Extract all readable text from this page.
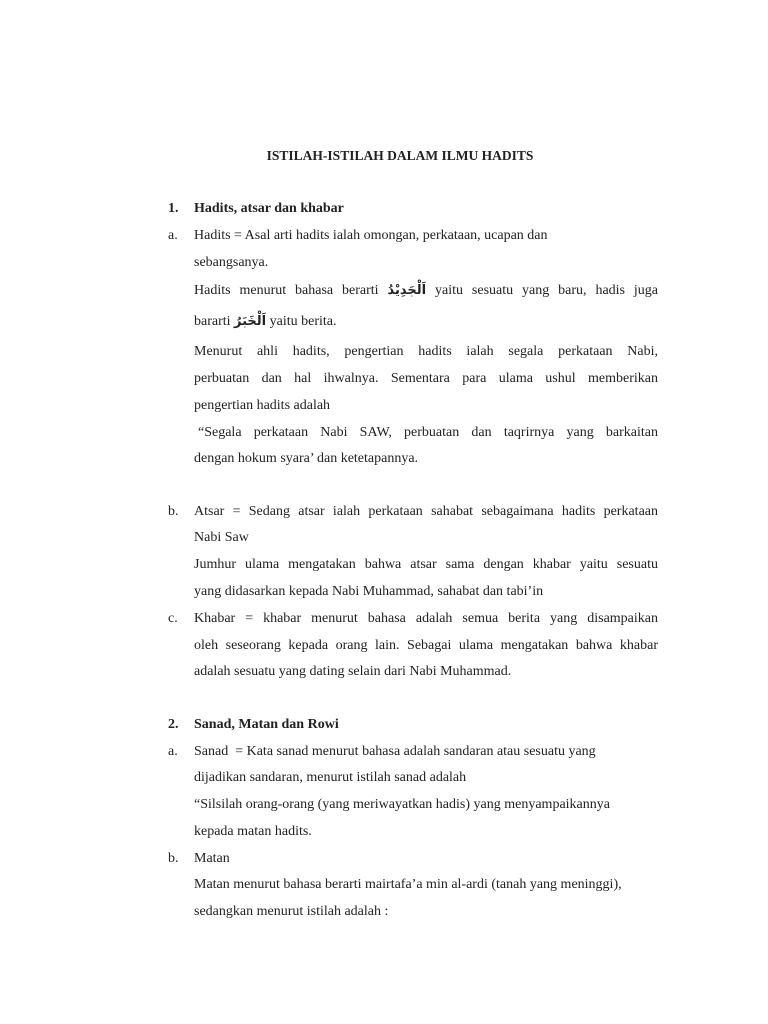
ISTILAH-ISTILAH DALAM ILMU HADITS
1. Hadits, atsar dan khabar
a. Hadits = Asal arti hadits ialah omongan, perkataan, ucapan dan
sebangsanya.
Hadits menurut bahasa berarti اَلْجَدِيْدُ yaitu sesuatu yang baru, hadis juga
bararti اَلْخَبَرُ yaitu berita.
Menurut ahli hadits, pengertian hadits ialah segala perkataan Nabi,
perbuatan dan hal ihwalnya. Sementara para ulama ushul memberikan
pengertian hadits adalah
“Segala perkataan Nabi SAW, perbuatan dan taqrirnya yang barkaitan
dengan hokum syara’ dan ketetapannya.
b. Atsar = Sedang atsar ialah perkataan sahabat sebagaimana hadits perkataan
Nabi Saw
Jumhur ulama mengatakan bahwa atsar sama dengan khabar yaitu sesuatu
yang didasarkan kepada Nabi Muhammad, sahabat dan tabi’in
c. Khabar = khabar menurut bahasa adalah semua berita yang disampaikan
oleh seseorang kepada orang lain. Sebagai ulama mengatakan bahwa khabar
adalah sesuatu yang dating selain dari Nabi Muhammad.
2. Sanad, Matan dan Rowi
a. Sanad  = Kata sanad menurut bahasa adalah sandaran atau sesuatu yang
dijadikan sandaran, menurut istilah sanad adalah
“Silsilah orang-orang (yang meriwayatkan hadis) yang menyampaikannya
kepada matan hadits.
b. Matan
Matan menurut bahasa berarti mairtafa’a min al-ardi (tanah yang meninggi),
sedangkan menurut istilah adalah :
